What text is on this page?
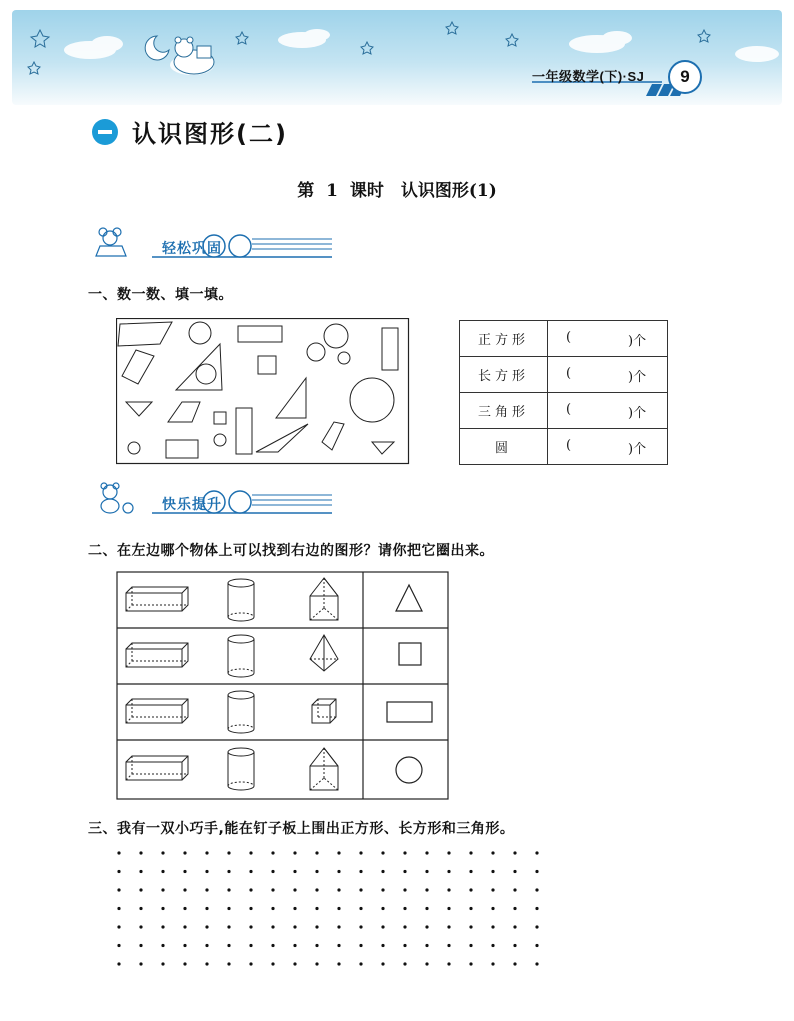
一年级数学(下)·SJ	9
认识图形(二)
第 1 课时　认识图形(1)
轻松巩固
一、数一数、填一填。
正方形	( )个

长方形	( )个

三角形	( )个

圆	( )个
快乐提升
二、在左边哪个物体上可以找到右边的图形？请你把它圈出来。
三、我有一双小巧手,能在钉子板上围出正方形、长方形和三角形。
